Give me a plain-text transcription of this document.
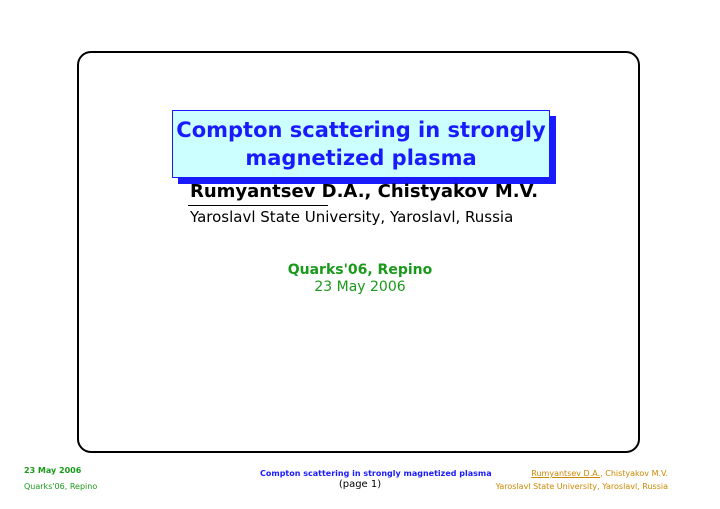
Compton scattering in strongly
magnetized plasma
Rumyantsev D.A., Chistyakov M.V.
Yaroslavl State University, Yaroslavl, Russia
Quarks'06, Repino
23 May 2006
23 May 2006
Quarks'06, Repino
Compton scattering in strongly magnetized plasma
(page 1)
Rumyantsev D.A., Chistyakov M.V.
Yaroslavl State University, Yaroslavl, Russia
